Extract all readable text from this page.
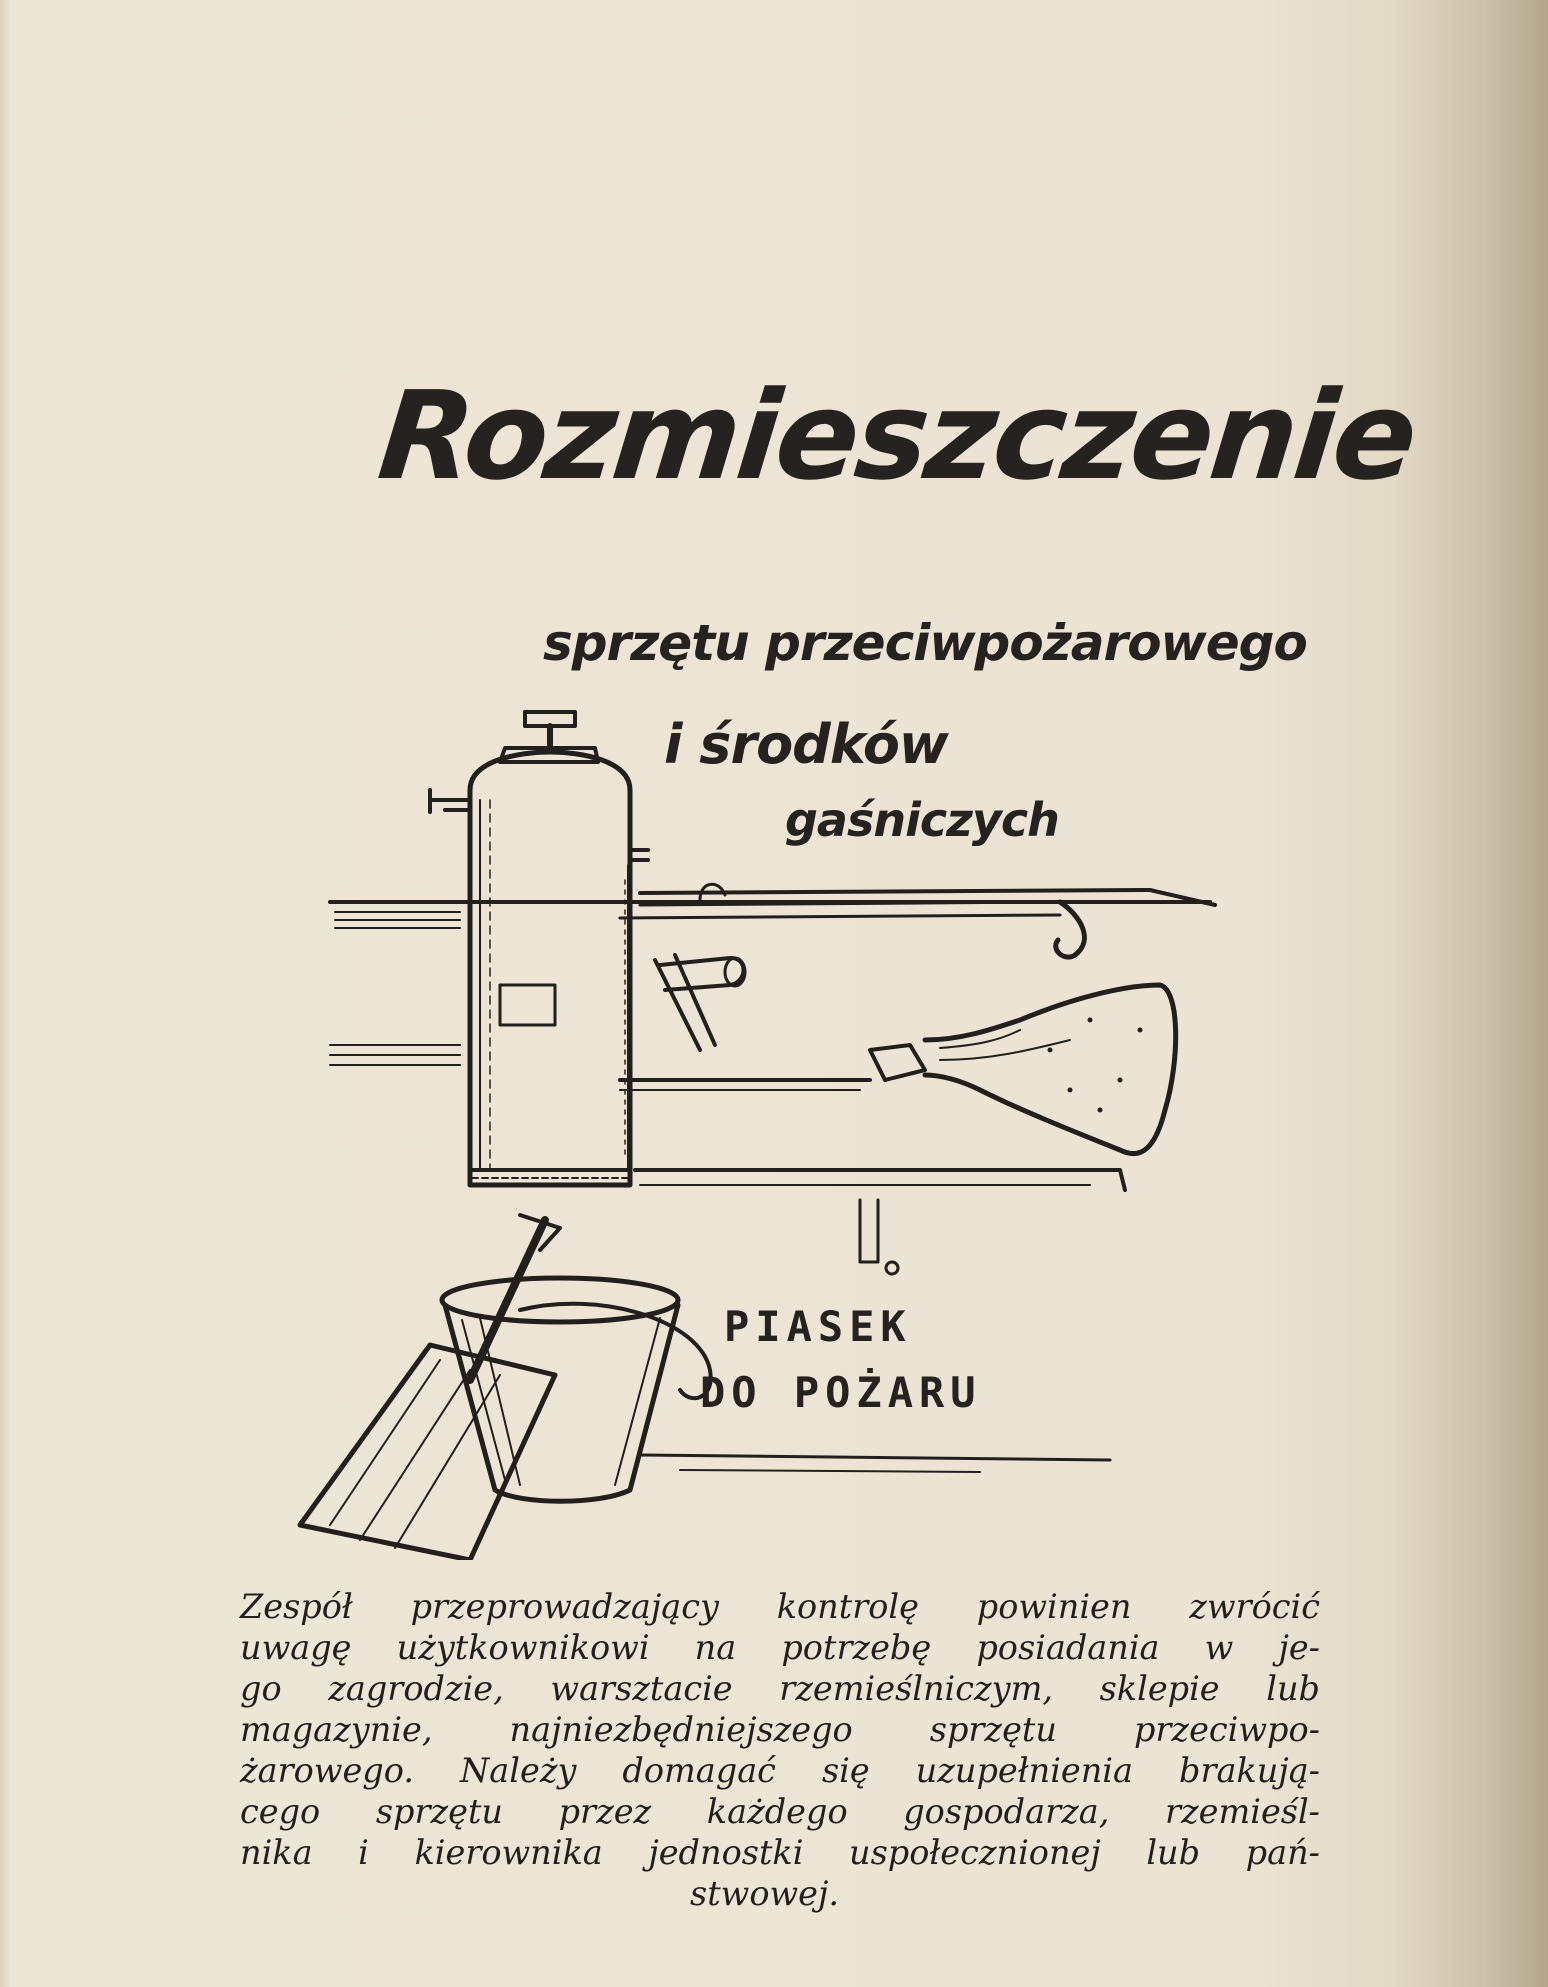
Rozmieszczenie
sprzętu przeciwpożarowego
i środków
gaśniczych
PIASEK
DO POŻARU
Zespół przeprowadzający kontrolę powinien zwrócić
uwagę użytkownikowi na potrzebę posiadania w je-
go zagrodzie, warsztacie rzemieślniczym, sklepie lub
magazynie, najniezbędniejszego sprzętu przeciwpo-
żarowego. Należy domagać się uzupełnienia brakują-
cego sprzętu przez każdego gospodarza, rzemieśl-
nika i kierownika jednostki uspołecznionej lub pań-
stwowej.
